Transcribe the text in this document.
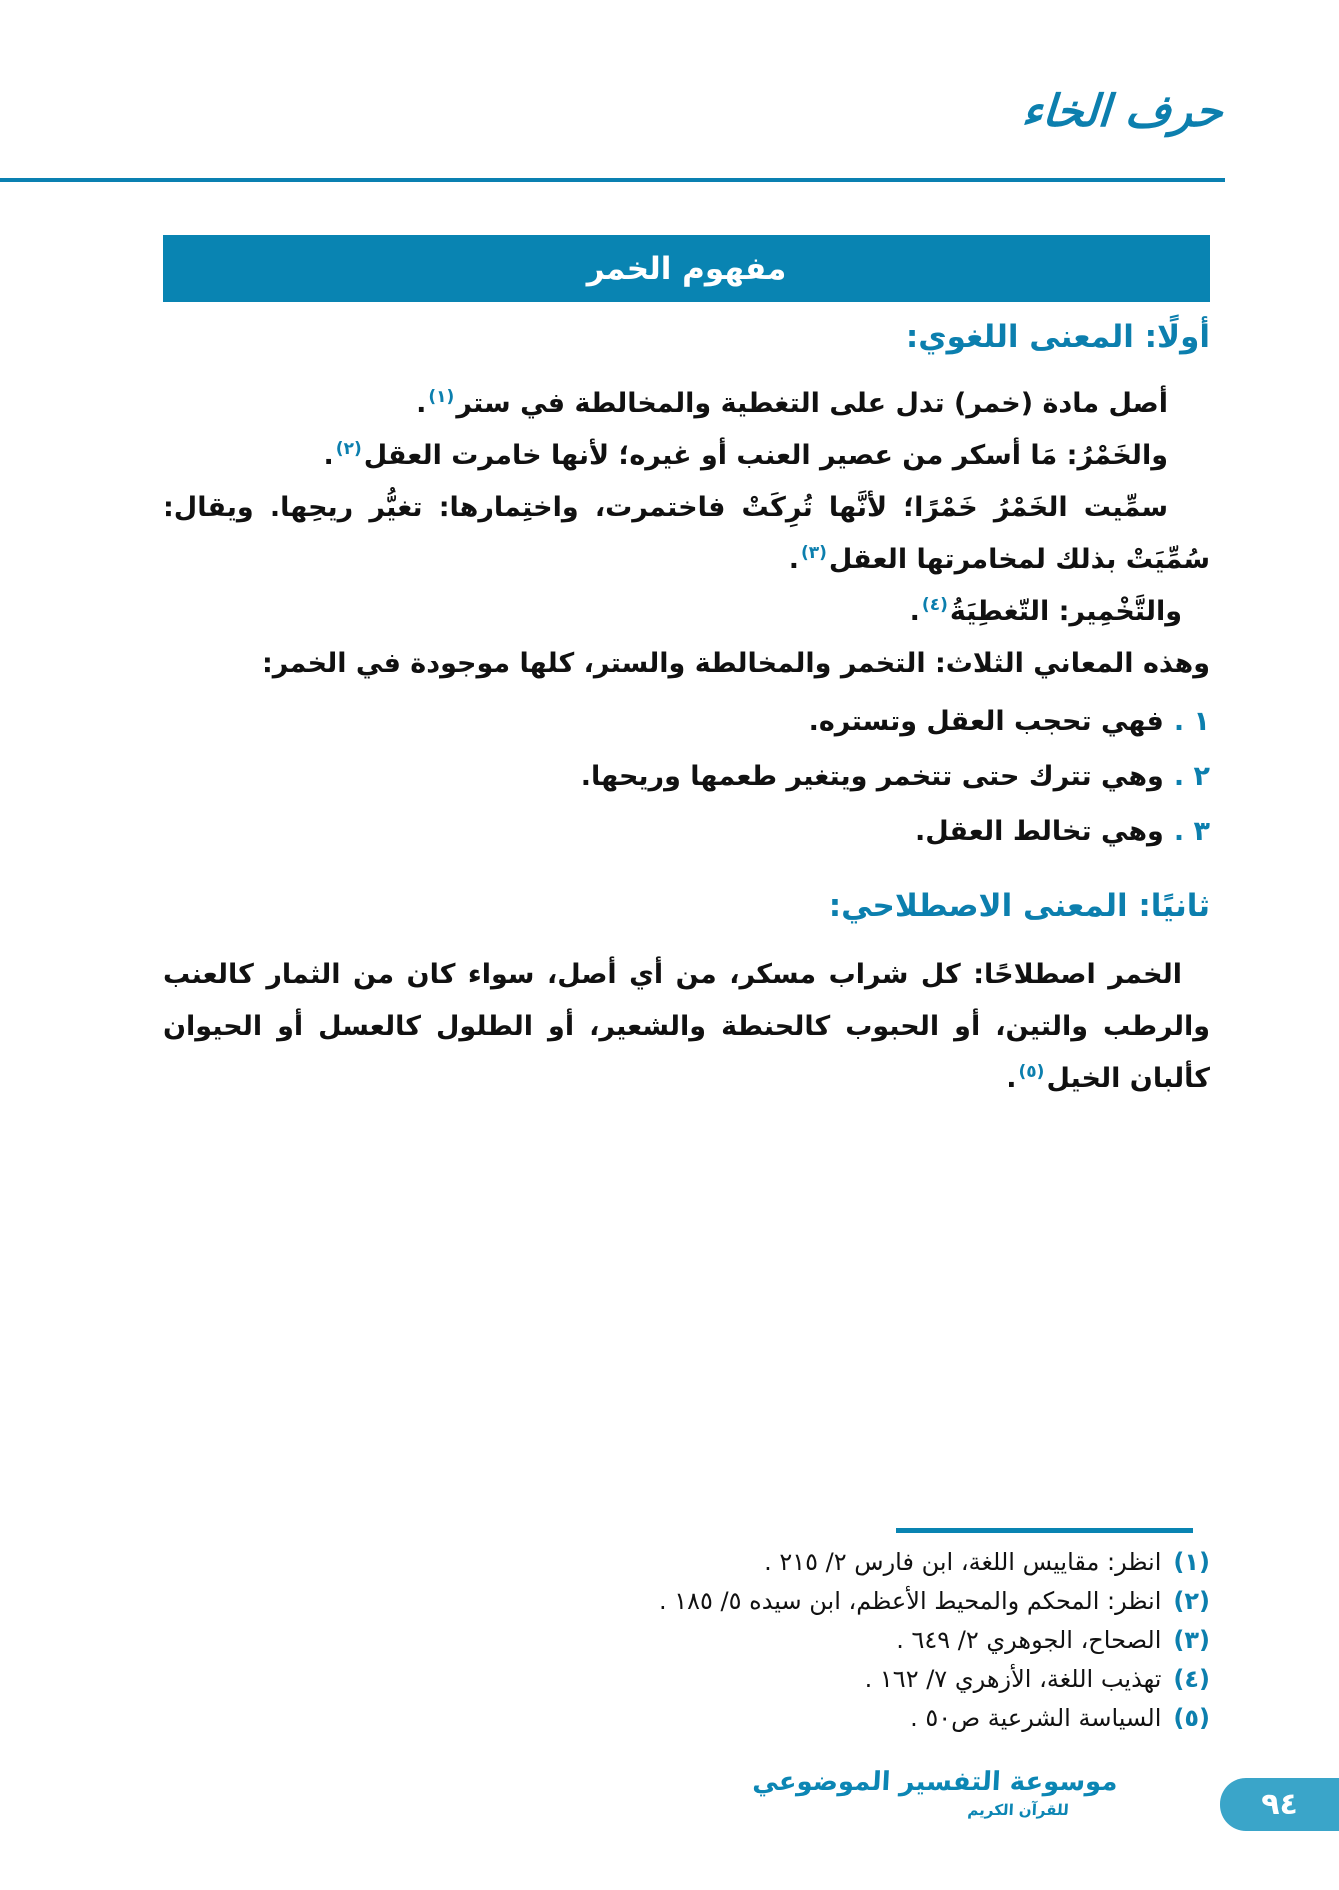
حرف الخاء
مفهوم الخمر
أولًا: المعنى اللغوي:

أصل مادة (خمر) تدل على التغطية والمخالطة في ستر$^{(١)}$.

والخَمْرُ: مَا أسكر من عصير العنب أو غيره؛ لأنها خامرت العقل$^{(٢)}$.

سمِّيت الخَمْرُ خَمْرًا؛ لأنَّها تُرِكَتْ فاختمرت، واختِمارها: تغيُّر ريحِها. ويقال: سُمِّيَتْ بذلك لمخامرتها العقل$^{(٣)}$.

والتَّخْمِير: التّغطِيَةُ$^{(٤)}$.

وهذه المعاني الثلاث: التخمر والمخالطة والستر، كلها موجودة في الخمر:

١ .فهي تحجب العقل وتستره.
٢ .وهي تترك حتى تتخمر ويتغير طعمها وريحها.
٣ .وهي تخالط العقل.
ثانيًا: المعنى الاصطلاحي:

الخمر اصطلاحًا: كل شراب مسكر، من أي أصل، سواء كان من الثمار كالعنب والرطب والتين، أو الحبوب كالحنطة والشعير، أو الطلول كالعسل أو الحيوان كألبان الخيل$^{(٥)}$.

(١)
انظر: مقاييس اللغة، ابن فارس ٢/ ٢١٥ .
(٢)
انظر: المحكم والمحيط الأعظم، ابن سيده ٥/ ١٨٥ .
(٣)
الصحاح، الجوهري ٢/ ٦٤٩ .
(٤)
تهذيب اللغة، الأزهري ٧/ ١٦٢ .
(٥)
السياسة الشرعية ص٥٠ .
موسوعة التفسير الموضوعي
للقرآن الكريم	٩٤
